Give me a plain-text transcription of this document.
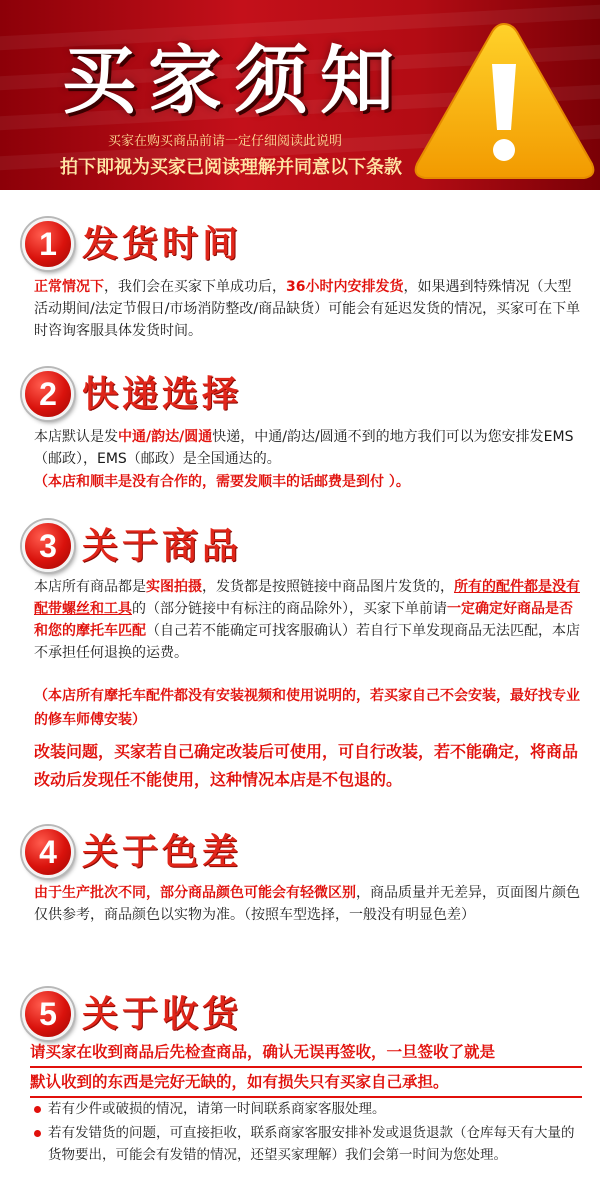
买家须知
买家在购买商品前请一定仔细阅读此说明
拍下即视为买家已阅读理解并同意以下条款
1 发货时间
正常情况下，我们会在买家下单成功后，36小时内安排发货，如果遇到特殊情况（大型活动期间/法定节假日/市场消防整改/商品缺货）可能会有延迟发货的情况，买家可在下单时咨询客服具体发货时间。
2 快递选择
本店默认是发中通/韵达/圆通快递，中通/韵达/圆通不到的地方我们可以为您安排发EMS（邮政），EMS（邮政）是全国通达的。
（本店和顺丰是没有合作的，需要发顺丰的话邮费是到付 ）。
3 关于商品
本店所有商品都是实图拍摄，发货都是按照链接中商品图片发货的，所有的配件都是没有配带螺丝和工具的（部分链接中有标注的商品除外），买家下单前请一定确定好商品是否和您的摩托车匹配（自己若不能确定可找客服确认）若自行下单发现商品无法匹配，本店不承担任何退换的运费。
（本店所有摩托车配件都没有安装视频和使用说明的，若买家自己不会安装，最好找专业的修车师傅安装）
改装问题，买家若自己确定改装后可使用，可自行改装，若不能确定，将商品改动后发现任不能使用，这种情况本店是不包退的。
4 关于色差
由于生产批次不同，部分商品颜色可能会有轻微区别，商品质量并无差异，页面图片颜色仅供参考，商品颜色以实物为准。（按照车型选择，一般没有明显色差）
5 关于收货
请买家在收到商品后先检查商品，确认无误再签收，一旦签收了就是
默认收到的东西是完好无缺的，如有损失只有买家自己承担。
若有少件或破损的情况，请第一时间联系商家客服处理。
若有发错货的问题，可直接拒收，联系商家客服安排补发或退货退款（仓库每天有大量的货物要出，可能会有发错的情况，还望买家理解）我们会第一时间为您处理。
